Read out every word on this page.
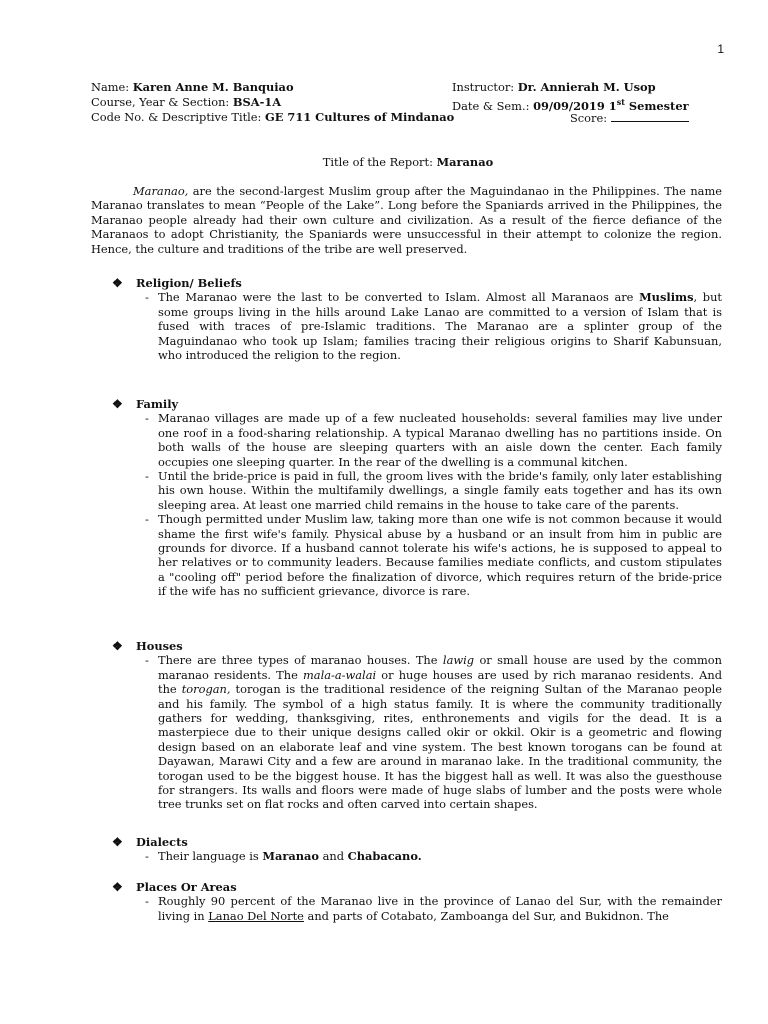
1
Name: Karen Anne M. Banquiao	Instructor: Dr. Annierah M. Usop
Course, Year & Section: BSA-1A	Date & Sem.: 09/09/2019 1st Semester
Code No. & Descriptive Title: GE 711 Cultures of Mindanao	Score:
Title of the Report: Maranao

Maranao, are the second-largest Muslim group after the Maguindanao in the Philippines. The name Maranao translates to mean “People of the Lake”. Long before the Spaniards arrived in the Philippines, the Maranao people already had their own culture and civilization. As a result of the fierce defiance of the Maranaos to adopt Christianity, the Spaniards were unsuccessful in their attempt to colonize the region. Hence, the culture and traditions of the tribe are well preserved.

❖ Religion/ Beliefs
- The Maranao were the last to be converted to Islam. Almost all Maranaos are Muslims, but some groups living in the hills around Lake Lanao are committed to a version of Islam that is fused with traces of pre-Islamic traditions. The Maranao are a splinter group of the Maguindanao who took up Islam; families tracing their religious origins to Sharif Kabunsuan, who introduced the religion to the region.
❖ Family
- Maranao villages are made up of a few nucleated households: several families may live under one roof in a food-sharing relationship. A typical Maranao dwelling has no partitions inside. On both walls of the house are sleeping quarters with an aisle down the center. Each family occupies one sleeping quarter. In the rear of the dwelling is a communal kitchen.
- Until the bride-price is paid in full, the groom lives with the bride's family, only later establishing his own house. Within the multifamily dwellings, a single family eats together and has its own sleeping area. At least one married child remains in the house to take care of the parents.
- Though permitted under Muslim law, taking more than one wife is not common because it would shame the first wife's family. Physical abuse by a husband or an insult from him in public are grounds for divorce. If a husband cannot tolerate his wife's actions, he is supposed to appeal to her relatives or to community leaders. Because families mediate conflicts, and custom stipulates a "cooling off" period before the finalization of divorce, which requires return of the bride-price if the wife has no sufficient grievance, divorce is rare.
❖ Houses
- There are three types of maranao houses. The lawig or small house are used by the common maranao residents. The mala-a-walai or huge houses are used by rich maranao residents. And the torogan, torogan is the traditional residence of the reigning Sultan of the Maranao people and his family. The symbol of a high status family. It is where the community traditionally gathers for wedding, thanksgiving, rites, enthronements and vigils for the dead. It is a masterpiece due to their unique designs called okir or okkil. Okir is a geometric and flowing design based on an elaborate leaf and vine system. The best known torogans can be found at Dayawan, Marawi City and a few are around in maranao lake. In the traditional community, the torogan used to be the biggest house. It has the biggest hall as well. It was also the guesthouse for strangers. Its walls and floors were made of huge slabs of lumber and the posts were whole tree trunks set on flat rocks and often carved into certain shapes.
❖ Dialects
- Their language is Maranao and Chabacano.
❖ Places Or Areas
- Roughly 90 percent of the Maranao live in the province of Lanao del Sur, with the remainder living in Lanao Del Norte and parts of Cotabato, Zamboanga del Sur, and Bukidnon. The
